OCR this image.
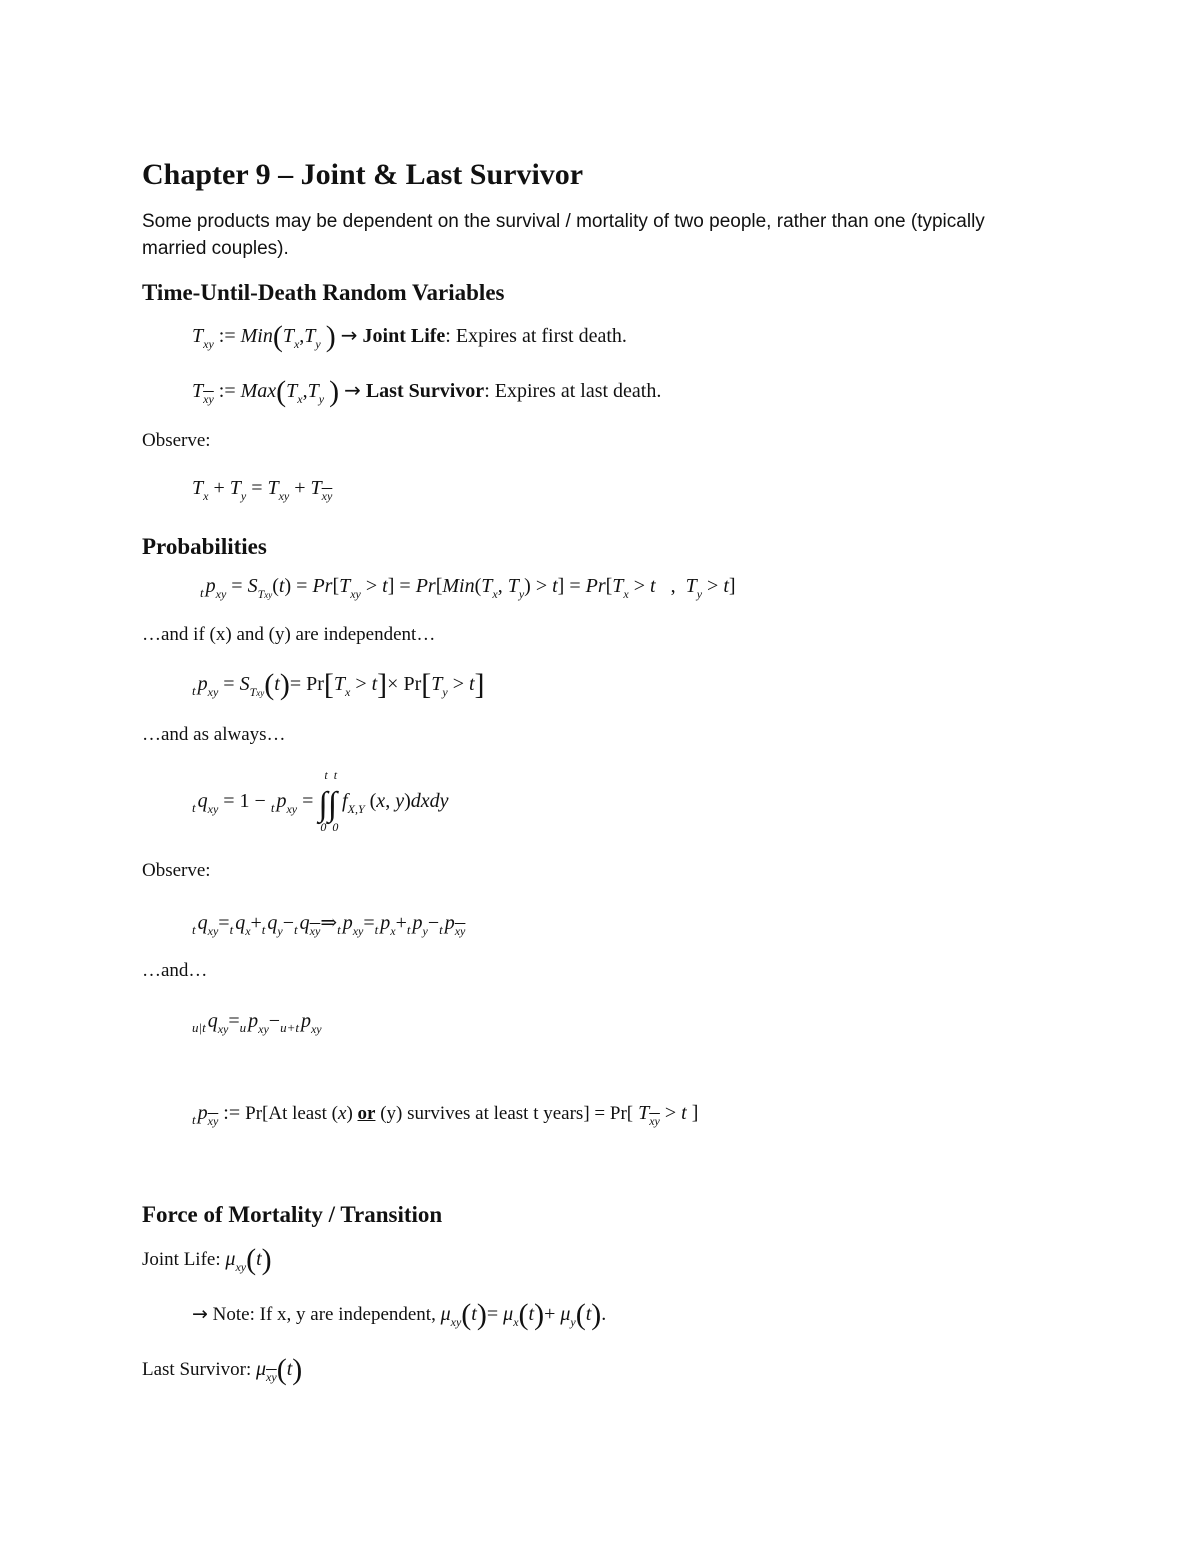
Chapter 9 – Joint & Last Survivor
Some products may be dependent on the survival / mortality of two people, rather than one (typically married couples).
Time-Until-Death Random Variables
$T_{xy}$ := $Min(T_x,T_y$ ) → Joint Life: Expires at first death.
$T_{\overline{xy}}$ := $Max(T_x,T_y$ ) → Last Survivor: Expires at last death.
Observe:
$T_x + T_y = T_{xy} + T_{\overline{xy}}$
Probabilities
$_t$ $p_{xy} = S_{Txy}(t) = Pr[T_{xy} > t] = Pr[Min(T_x$, $T_y) > t] = Pr[T_x > t$   ,  $T_y > t$]
…and if (x) and (y) are independent…
$_t$ $p_{xy} = S_{Txy}(t)= Pr[T_x > t]\times Pr[T_y > t]$
…and as always…
$_t$ $q_{xy} = 1 - _t$ $p_{xy}$ = ∫∫
t  t
0  0
$f_{X,Y}$ (x, y)dxdy
Observe:
$_t$ $q_{xy}=_t$ $q_x+_t$ $q_y-_t$ $q_{\overline{xy}}\Rightarrow_t$ $p_{xy}=_t$ $p_x+_t$ $p_y-_t$ $p_{\overline{xy}}$
…and…
$_{u|t}$ $q_{xy}=_u$ $p_{xy}-_{u+t}$ $p_{xy}$
$_t$ $p_{\overline{xy}}$ := Pr[At least (x) or (y) survives at least t years] = Pr[ $T_{\overline{xy}} > t$ ]
Force of Mortality / Transition
Joint Life: $\mu_{xy}(t)$
→ Note: If x, y are independent, $\mu_{xy}(t)= \mu_x(t)+ \mu_y(t)$.
Last Survivor: $\mu_{\overline{xy}}(t)$
